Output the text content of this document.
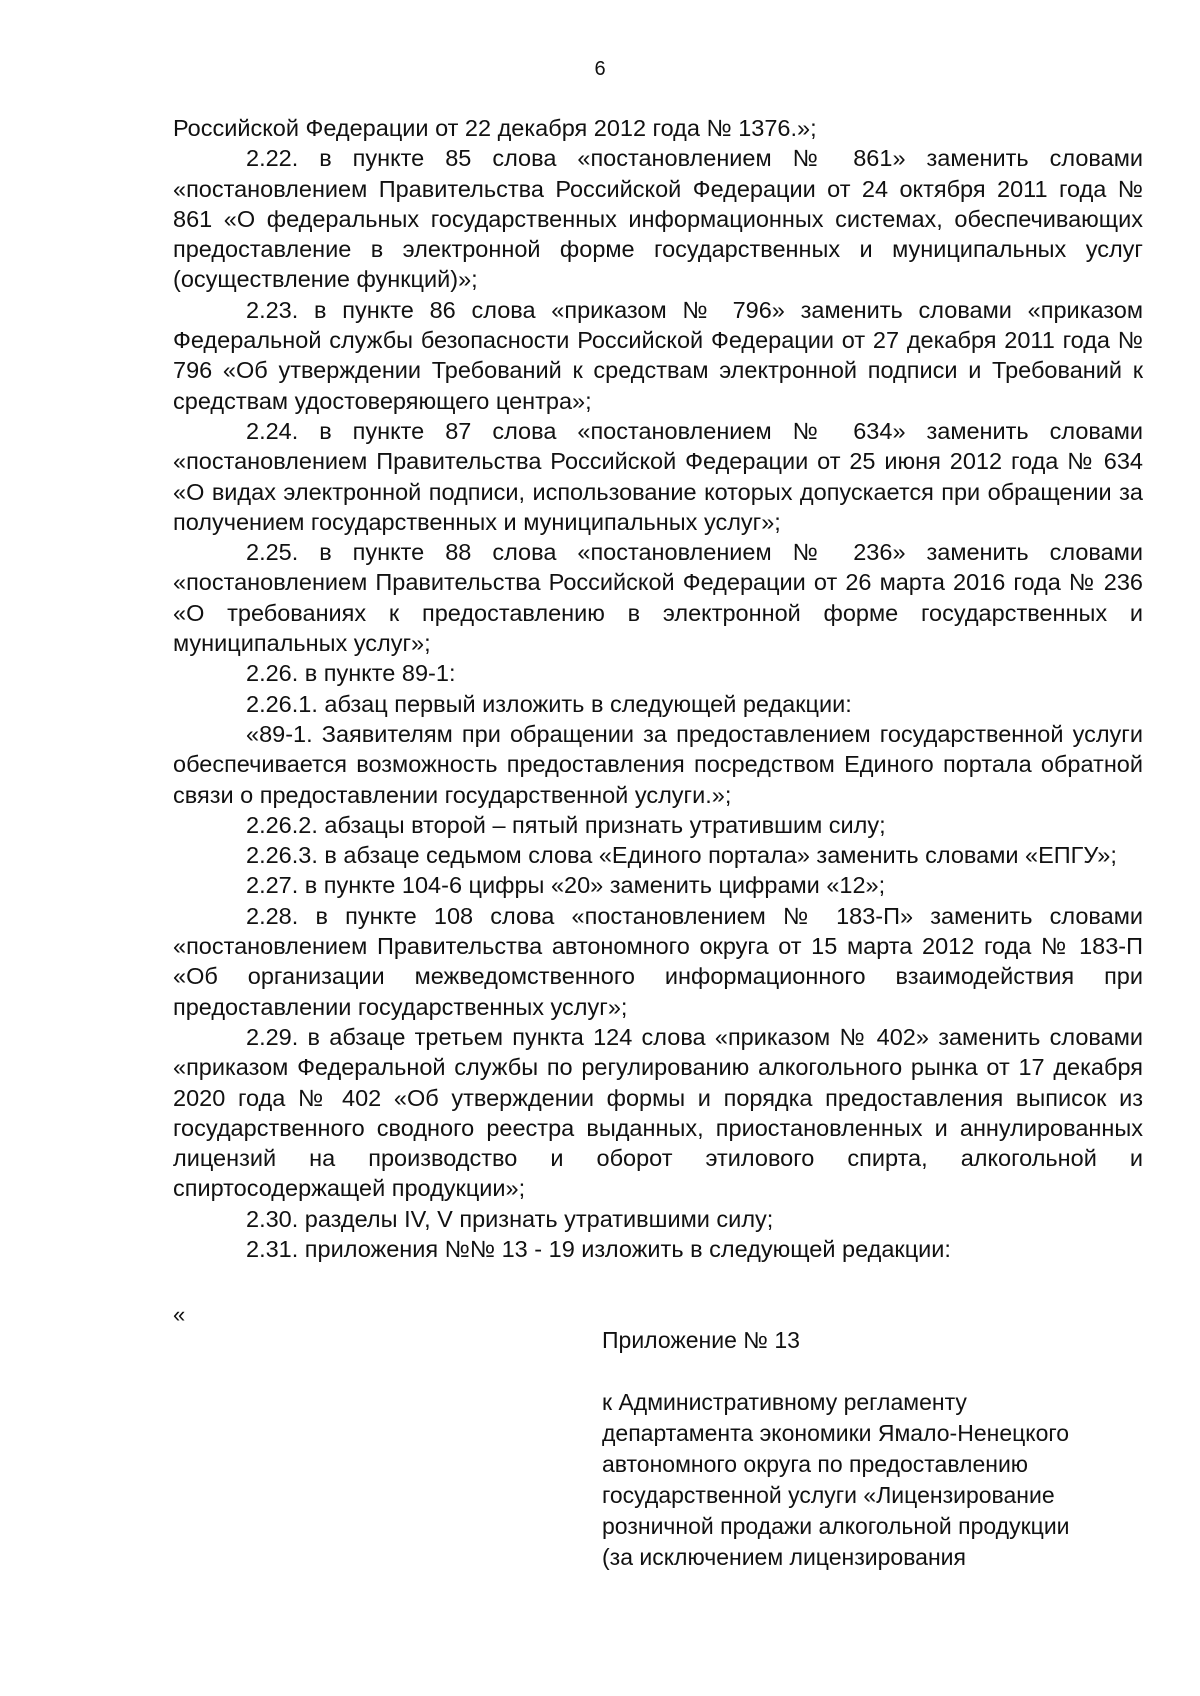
6

Российской Федерации от 22 декабря 2012 года № 1376.»;

2.22. в пункте 85 слова «постановлением № 861» заменить словами «постановлением Правительства Российской Федерации от 24 октября 2011 года № 861 «О федеральных государственных информационных системах, обеспечивающих предоставление в электронной форме государственных и муниципальных услуг (осуществление функций)»;

2.23. в пункте 86 слова «приказом № 796» заменить словами «приказом Федеральной службы безопасности Российской Федерации от 27 декабря 2011 года № 796 «Об утверждении Требований к средствам электронной подписи и Требований к средствам удостоверяющего центра»;

2.24. в пункте 87 слова «постановлением № 634» заменить словами «постановлением Правительства Российской Федерации от 25 июня 2012 года № 634 «О видах электронной подписи, использование которых допускается при обращении за получением государственных и муниципальных услуг»;

2.25. в пункте 88 слова «постановлением № 236» заменить словами «постановлением Правительства Российской Федерации от 26 марта 2016 года № 236 «О требованиях к предоставлению в электронной форме государственных и муниципальных услуг»;

2.26. в пункте 89-1:

2.26.1. абзац первый изложить в следующей редакции:

«89-1. Заявителям при обращении за предоставлением государственной услуги обеспечивается возможность предоставления посредством Единого портала обратной связи о предоставлении государственной услуги.»;

2.26.2. абзацы второй – пятый признать утратившим силу;

2.26.3. в абзаце седьмом слова «Единого портала» заменить словами «ЕПГУ»;

2.27. в пункте 104-6 цифры «20» заменить цифрами «12»;

2.28. в пункте 108 слова «постановлением № 183-П» заменить словами «постановлением Правительства автономного округа от 15 марта 2012 года № 183-П «Об организации межведомственного информационного взаимодействия при предоставлении государственных услуг»;

2.29. в абзаце третьем пункта 124 слова «приказом № 402» заменить словами «приказом Федеральной службы по регулированию алкогольного рынка от 17 декабря 2020 года № 402 «Об утверждении формы и порядка предоставления выписок из государственного сводного реестра выданных, приостановленных и аннулированных лицензий на производство и оборот этилового спирта, алкогольной и спиртосодержащей продукции»;

2.30. разделы IV, V признать утратившими силу;

2.31. приложения №№ 13 - 19 изложить в следующей редакции:

«

Приложение № 13

к Административному регламенту

департамента экономики Ямало-Ненецкого

автономного округа по предоставлению

государственной услуги «Лицензирование

розничной продажи алкогольной продукции

(за исключением лицензирования
